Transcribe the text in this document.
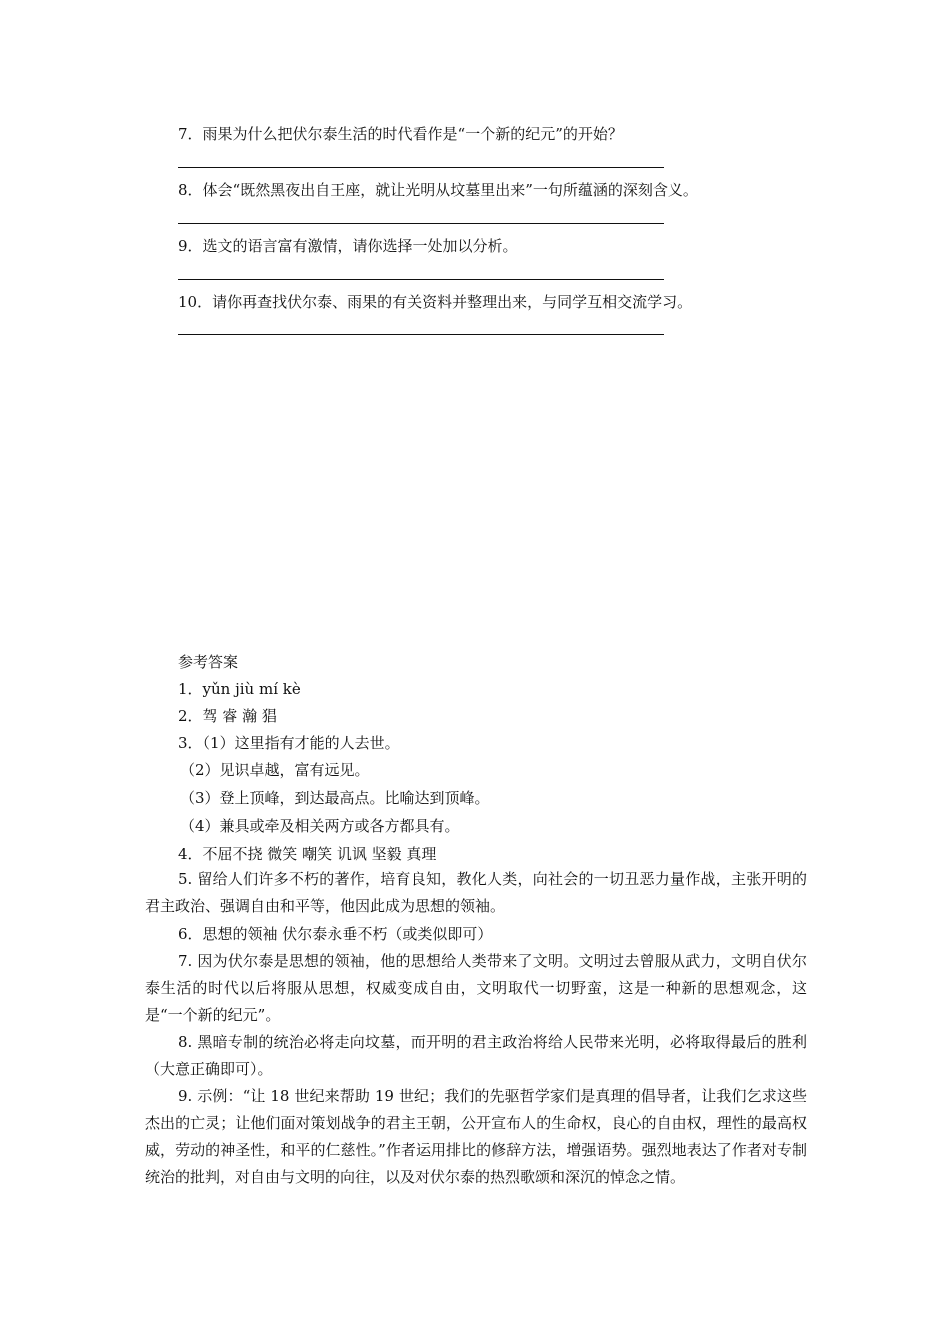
7．雨果为什么把伏尔泰生活的时代看作是“一个新的纪元”的开始？
8．体会“既然黑夜出自王座，就让光明从坟墓里出来”一句所蕴涵的深刻含义。
9．选文的语言富有激情，请你选择一处加以分析。
10．请你再查找伏尔泰、雨果的有关资料并整理出来，与同学互相交流学习。
参考答案
1．yǔn jiù mí kè
2．驾 睿 瀚 猖
3．（1）这里指有才能的人去世。
（2）见识卓越，富有远见。
（3）登上顶峰，到达最高点。比喻达到顶峰。
（4）兼具或牵及相关两方或各方都具有。
4．不屈不挠 微笑 嘲笑 讥讽 坚毅 真理
5. 留给人们许多不朽的著作，培育良知，教化人类，向社会的一切丑恶力量作战，主张开明的君主政治、强调自由和平等，他因此成为思想的领袖。
6．思想的领袖 伏尔泰永垂不朽（或类似即可）
7. 因为伏尔泰是思想的领袖，他的思想给人类带来了文明。文明过去曾服从武力，文明自伏尔泰生活的时代以后将服从思想，权威变成自由，文明取代一切野蛮，这是一种新的思想观念，这是“一个新的纪元”。
8. 黑暗专制的统治必将走向坟墓，而开明的君主政治将给人民带来光明，必将取得最后的胜利（大意正确即可）。
9. 示例：“让 18 世纪来帮助 19 世纪；我们的先驱哲学家们是真理的倡导者，让我们乞求这些杰出的亡灵；让他们面对策划战争的君主王朝，公开宣布人的生命权，良心的自由权，理性的最高权威，劳动的神圣性，和平的仁慈性。”作者运用排比的修辞方法，增强语势。强烈地表达了作者对专制统治的批判，对自由与文明的向往，以及对伏尔泰的热烈歌颂和深沉的悼念之情。
